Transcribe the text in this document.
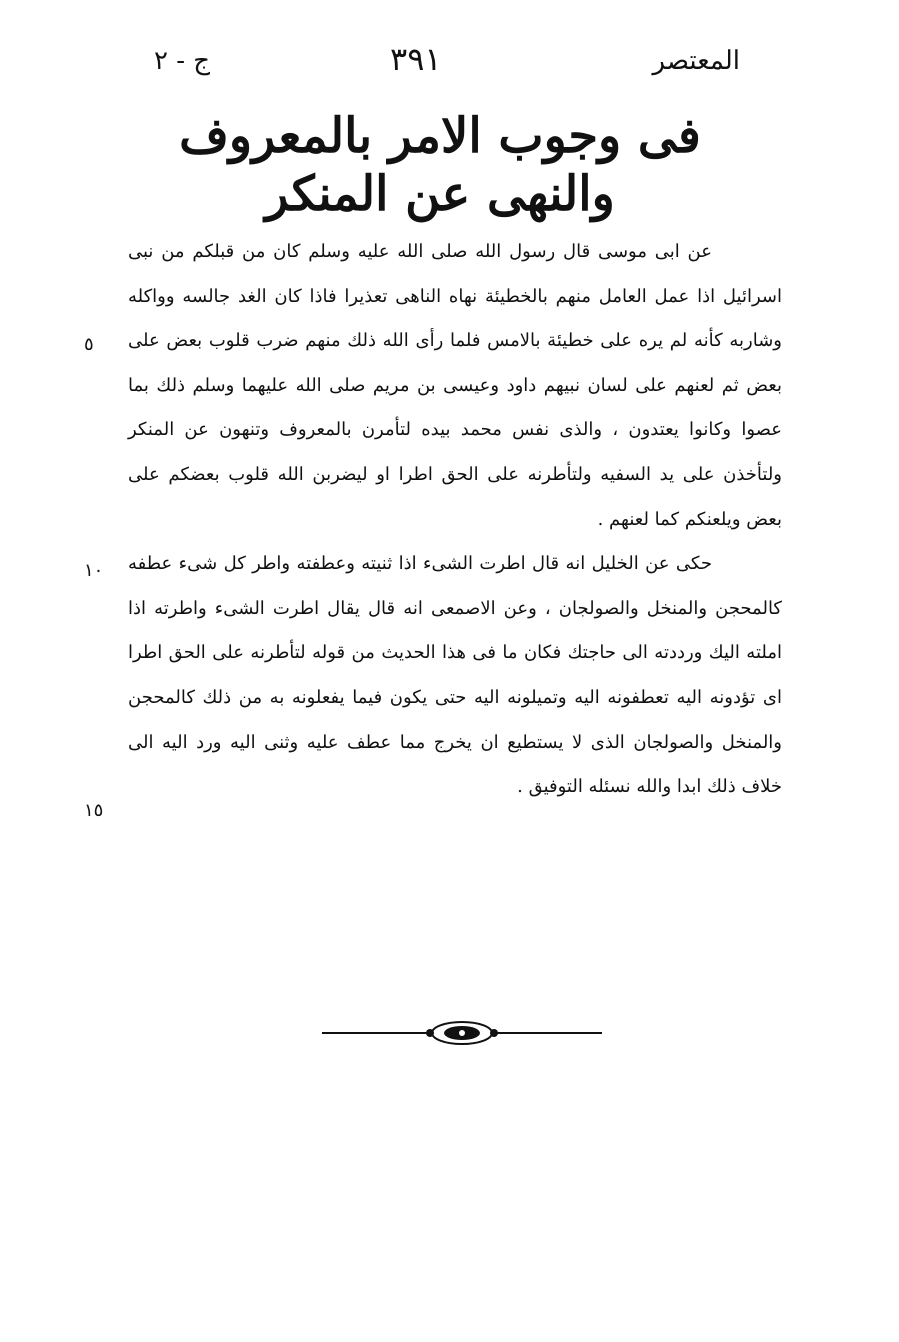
المعتصر
٣٩١
ج - ٢
فى وجوب الامر بالمعروف
والنهى عن المنكر

عن ابى موسى قال رسول الله صلى الله عليه وسلم كان من قبلكم من نبى اسرائيل اذا عمل العامل منهم بالخطيئة نهاه الناهى تعذيرا فاذا كان الغد جالسه وواكله وشاربه كأنه لم يره على خطيئة بالامس فلما رأى الله ذلك منهم ضرب قلوب بعض على بعض ثم لعنهم على لسان نبيهم داود وعيسى بن مريم صلى الله عليهما وسلم ذلك بما عصوا وكانوا يعتدون ، والذى نفس محمد بيده لتأمرن بالمعروف وتنهون عن المنكر ولتأخذن على يد السفيه ولتأطرنه على الحق اطرا او ليضربن الله قلوب بعضكم على بعض ويلعنكم كما لعنهم .

حكى عن الخليل انه قال اطرت الشىء اذا ثنيته وعطفته واطر كل شىء عطفه كالمحجن والمنخل والصولجان ، وعن الاصمعى انه قال يقال اطرت الشىء واطرته اذا املته اليك ورددته الى حاجتك فكان ما فى هذا الحديث من قوله لتأطرنه على الحق اطرا اى تؤدونه اليه تعطفونه اليه وتميلونه اليه حتى يكون فيما يفعلونه به من ذلك كالمحجن والمنخل والصولجان الذى لا يستطيع ان يخرج مما عطف عليه وثنى اليه ورد اليه الى خلاف ذلك ابدا والله نسئله التوفيق .

٥
١٠
١٥
